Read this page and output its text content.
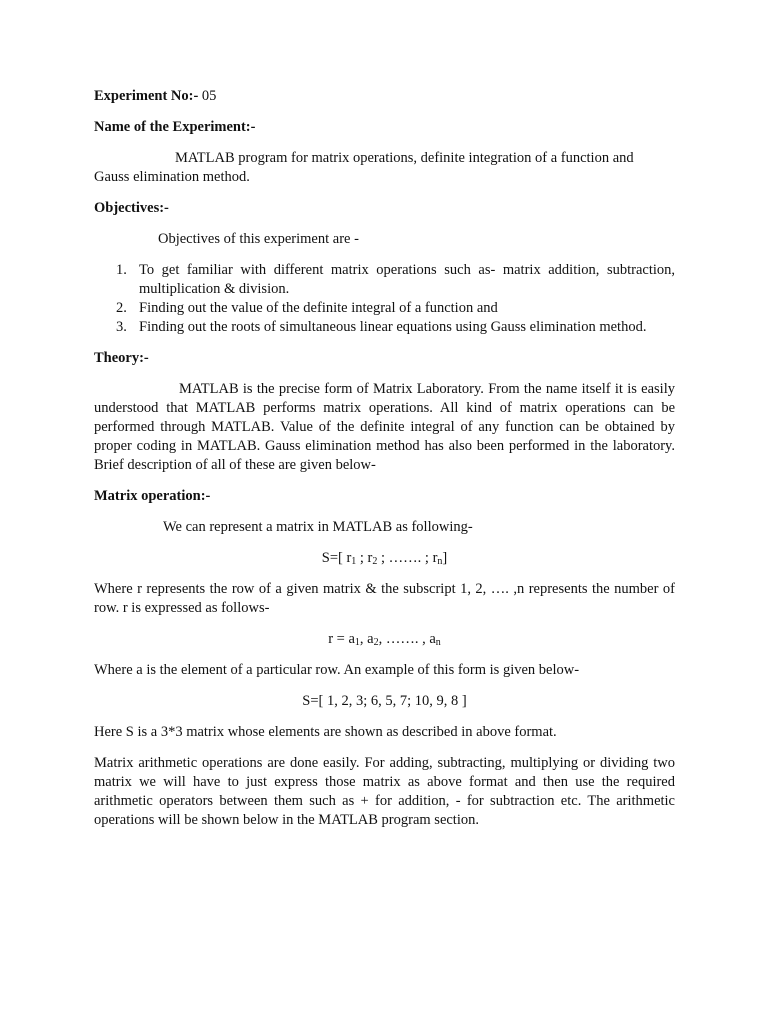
Experiment No:- 05

Name of the Experiment:-

MATLAB program for matrix operations, definite integration of a function and

Gauss elimination method.

Objectives:-

Objectives of this experiment are -

1. To get familiar with different matrix operations such as- matrix addition, subtraction, multiplication & division.
2. Finding out the value of the definite integral of a function and
3. Finding out the roots of simultaneous linear equations using Gauss elimination method.

Theory:-

MATLAB is the precise form of Matrix Laboratory. From the name itself it is easily understood that MATLAB performs matrix operations. All kind of matrix operations can be performed through MATLAB. Value of the definite integral of any function can be obtained by proper coding in MATLAB. Gauss elimination method has also been performed in the laboratory. Brief description of all of these are given below-

Matrix operation:-

We can represent a matrix in MATLAB as following-

S=[ $r_1$ ; $r_2$ ; ……. ; $r_n$]

Where r represents the row of a given matrix & the subscript 1, 2, …. ,n represents the number of row. r is expressed as follows-

$r = a_1$, $a_2$, ……. , $a_n$

Where a is the element of a particular row. An example of this form is given below-

S=[ 1, 2, 3; 6, 5, 7; 10, 9, 8 ]

Here S is a 3*3 matrix whose elements are shown as described in above format.

Matrix arithmetic operations are done easily. For adding, subtracting, multiplying or dividing two matrix we will have to just express those matrix as above format and then use the required arithmetic operators between them such as + for addition, - for subtraction etc. The arithmetic operations will be shown below in the MATLAB program section.
